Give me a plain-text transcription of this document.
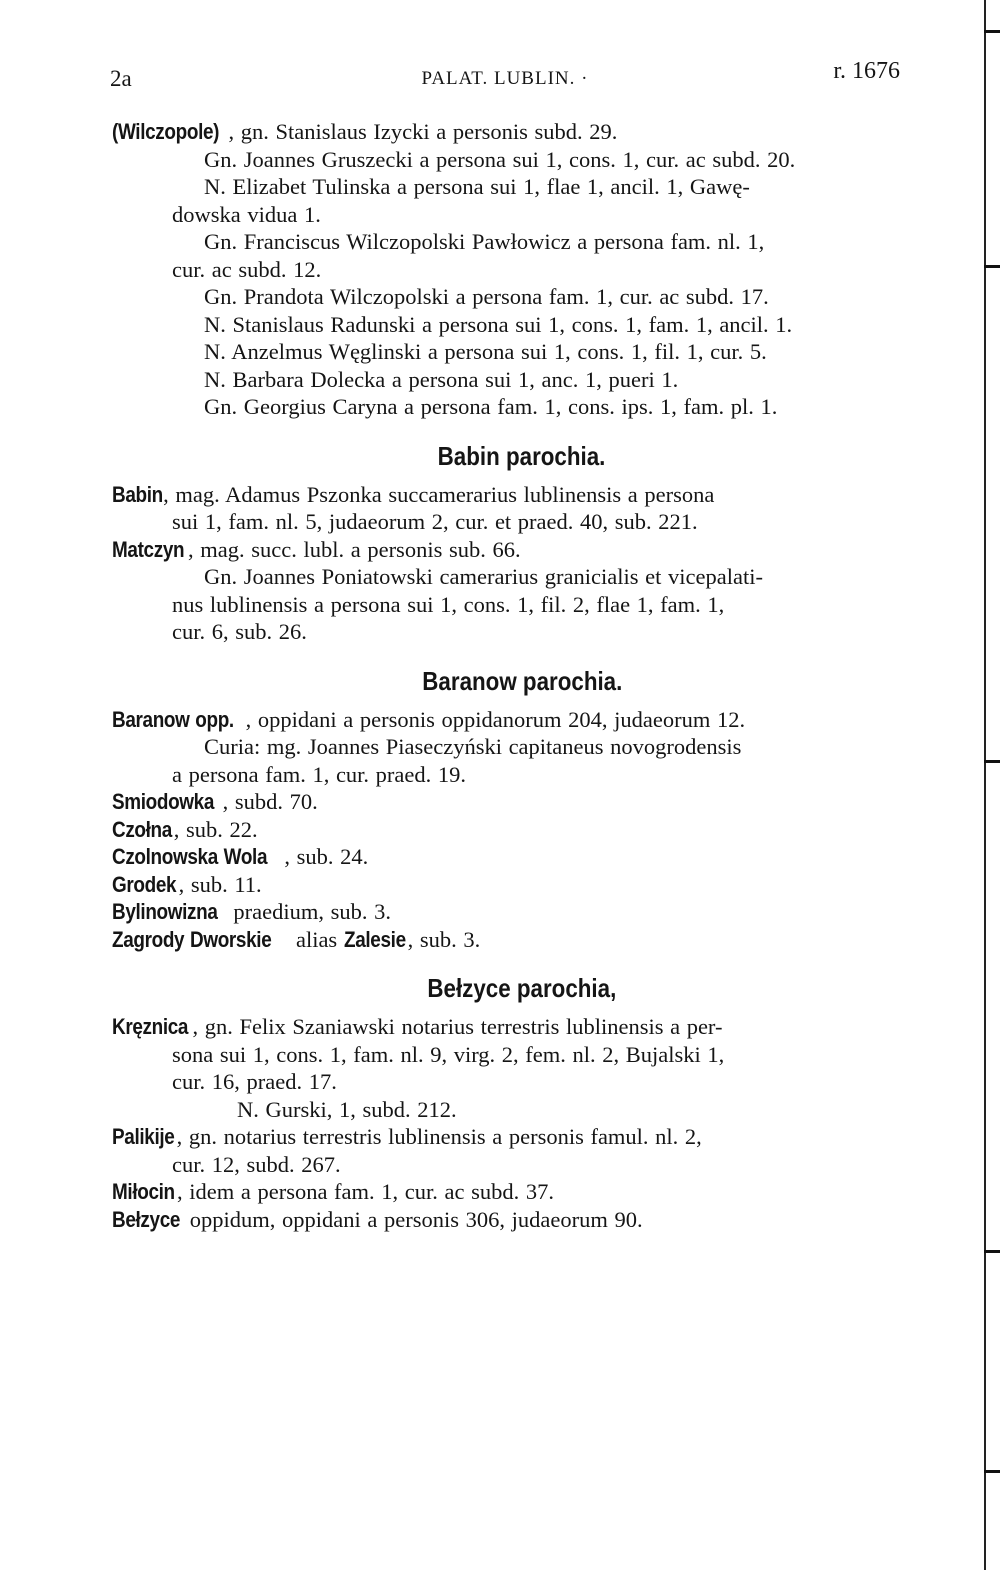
2a	PALAT. LUBLIN. ·	r. 1676
(Wilczopole) , gn. Stanislaus Izycki a personis subd. 29.
Gn. Joannes Gruszecki a persona sui 1, cons. 1, cur. ac subd. 20.
N. Elizabet Tulinska a persona sui 1, flae 1, ancil. 1, Gawę-
dowska vidua 1.
Gn. Franciscus Wilczopolski Pawłowicz a persona fam. nl. 1,
cur. ac subd. 12.
Gn. Prandota Wilczopolski a persona fam. 1, cur. ac subd. 17.
N. Stanislaus Radunski a persona sui 1, cons. 1, fam. 1, ancil. 1.
N. Anzelmus Węglinski a persona sui 1, cons. 1, fil. 1, cur. 5.
N. Barbara Dolecka a persona sui 1, anc. 1, pueri 1.
Gn. Georgius Caryna a persona fam. 1, cons. ips. 1, fam. pl. 1.
Babin parochia.
Babin, mag. Adamus Pszonka succamerarius lublinensis a persona
sui 1, fam. nl. 5, judaeorum 2, cur. et praed. 40, sub. 221.
Matczyn , mag. succ. lubl. a personis sub. 66.
Gn. Joannes Poniatowski camerarius granicialis et vicepalati-
nus lublinensis a persona sui 1, cons. 1, fil. 2, flae 1, fam. 1,
cur. 6, sub. 26.
Baranow parochia.
Baranow opp. , oppidani a personis oppidanorum 204, judaeorum 12.
Curia: mg. Joannes Piaseczyński capitaneus novogrodensis
a persona fam. 1, cur. praed. 19.
Smiodowka , subd. 70.
Czołna, sub. 22.
Czolnowska Wola , sub. 24.
Grodek , sub. 11.
Bylinowizna praedium, sub. 3.
Zagrody Dworskie alias Zalesie, sub. 3.
Bełzyce parochia,
Kręznica , gn. Felix Szaniawski notarius terrestris lublinensis a per-
sona sui 1, cons. 1, fam. nl. 9, virg. 2, fem. nl. 2, Bujalski 1,
cur. 16, praed. 17.
N. Gurski, 1, subd. 212.
Palikije, gn. notarius terrestris lublinensis a personis famul. nl. 2,
cur. 12, subd. 267.
Miłocin, idem a persona fam. 1, cur. ac subd. 37.
Bełzyce oppidum, oppidani a personis 306, judaeorum 90.
